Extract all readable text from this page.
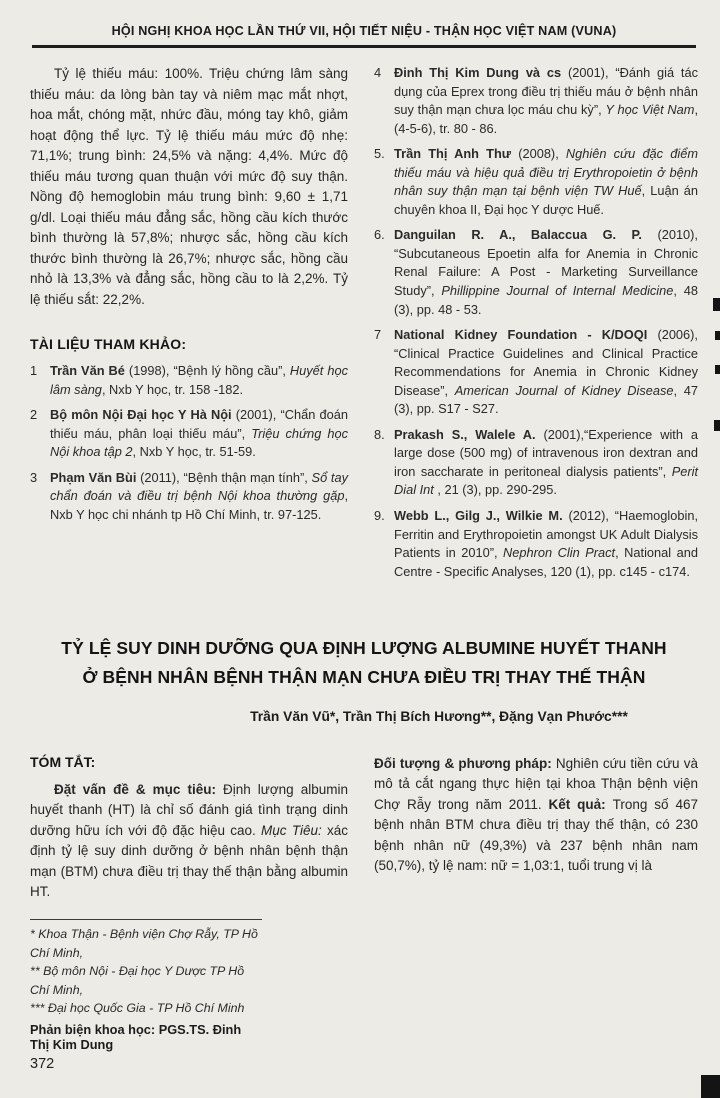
HỘI NGHỊ KHOA HỌC LẦN THỨ VII, HỘI TIẾT NIỆU - THẬN HỌC VIỆT NAM (VUNA)

Tỷ lệ thiếu máu: 100%. Triệu chứng lâm sàng thiếu máu: da lòng bàn tay và niêm mạc mắt nhợt, hoa mắt, chóng mặt, nhức đầu, móng tay khô, giảm hoạt động thể lực. Tỷ lệ thiếu máu mức độ nhẹ: 71,1%; trung bình: 24,5% và nặng: 4,4%. Mức độ thiếu máu tương quan thuận với mức độ suy thận. Nồng độ hemoglobin máu trung bình: 9,60 ± 1,71 g/dl. Loại thiếu máu đẳng sắc, hồng cầu kích thước bình thường là 57,8%; nhược sắc, hồng cầu kích thước bình thường là 26,7%; nhược sắc, hồng cầu nhỏ là 13,3% và đẳng sắc, hồng cầu to là 2,2%. Tỷ lệ thiếu sắt: 22,2%.

TÀI LIỆU THAM KHẢO:
1	Trần Văn Bé (1998), “Bệnh lý hồng cầu”, Huyết học lâm sàng, Nxb Y học, tr. 158 -182.
2	Bộ môn Nội Đại học Y Hà Nội (2001), “Chẩn đoán thiếu máu, phân loại thiếu máu”, Triệu chứng học Nội khoa tập 2, Nxb Y học, tr. 51-59.
3	Phạm Văn Bùi (2011), “Bệnh thận mạn tính”, Sổ tay chẩn đoán và điều trị bệnh Nội khoa thường gặp, Nxb Y học chi nhánh tp Hồ Chí Minh, tr. 97-125.
4	Đinh Thị Kim Dung và cs (2001), “Đánh giá tác dụng của Eprex trong điều trị thiếu máu ở bệnh nhân suy thận mạn chưa lọc máu chu kỳ”, Y học Việt Nam, (4-5-6), tr. 80 - 86.
5. Trần Thị Anh Thư (2008), Nghiên cứu đặc điểm thiếu máu và hiệu quả điều trị Erythropoietin ở bệnh nhân suy thận mạn tại bệnh viện TW Huế, Luận án chuyên khoa II, Đại học Y dược Huế.
6. Danguilan R. A., Balaccua G. P. (2010), “Subcutaneous Epoetin alfa for Anemia in Chronic Renal Failure: A Post - Marketing Surveillance Study”, Phillippine Journal of Internal Medicine, 48 (3), pp. 48 - 53.
7	National Kidney Foundation - K/DOQI (2006), “Clinical Practice Guidelines and Clinical Practice Recommendations for Anemia in Chronic Kidney Disease”, American Journal of Kidney Disease, 47 (3), pp. S17 - S27.
8. Prakash S., Walele A. (2001),“Experience with a large dose (500 mg) of intravenous iron dextran and iron saccharate in peritoneal dialysis patients”, Perit Dial Int , 21 (3), pp. 290-295.
9. Webb L., Gilg J., Wilkie M. (2012), “Haemoglobin, Ferritin and Erythropoietin amongst UK Adult Dialysis Patients in 2010”, Nephron Clin Pract, National and Centre - Specific Analyses, 120 (1), pp. c145 - c174.
TỶ LỆ SUY DINH DƯỠNG QUA ĐỊNH LƯỢNG ALBUMINE HUYẾT THANH
Ở BỆNH NHÂN BỆNH THẬN MẠN CHƯA ĐIỀU TRỊ THAY THẾ THẬN
Trần Văn Vũ*, Trần Thị Bích Hương**, Đặng Vạn Phước***
TÓM TẮT:

Đặt vấn đề & mục tiêu: Định lượng albumin huyết thanh (HT) là chỉ số đánh giá tình trạng dinh dưỡng hữu ích với độ đặc hiệu cao. Mục Tiêu: xác định tỷ lệ suy dinh dưỡng ở bệnh nhân bệnh thận mạn (BTM) chưa điều trị thay thế thận bằng albumin HT.

* Khoa Thận - Bệnh viện Chợ Rẫy, TP Hồ Chí Minh,
** Bộ môn Nội - Đại học Y Dược TP Hồ Chí Minh,
*** Đại học Quốc Gia - TP Hồ Chí Minh
Phản biện khoa học: PGS.TS. Đinh Thị Kim Dung

Đối tượng & phương pháp: Nghiên cứu tiền cứu và mô tả cắt ngang thực hiện tại khoa Thận bệnh viện Chợ Rẫy trong năm 2011. Kết quả: Trong số 467 bệnh nhân BTM chưa điều trị thay thế thận, có 230 bệnh nhân nữ (49,3%) và 237 bệnh nhân nam (50,7%), tỷ lệ nam: nữ = 1,03:1, tuổi trung vị là

372
